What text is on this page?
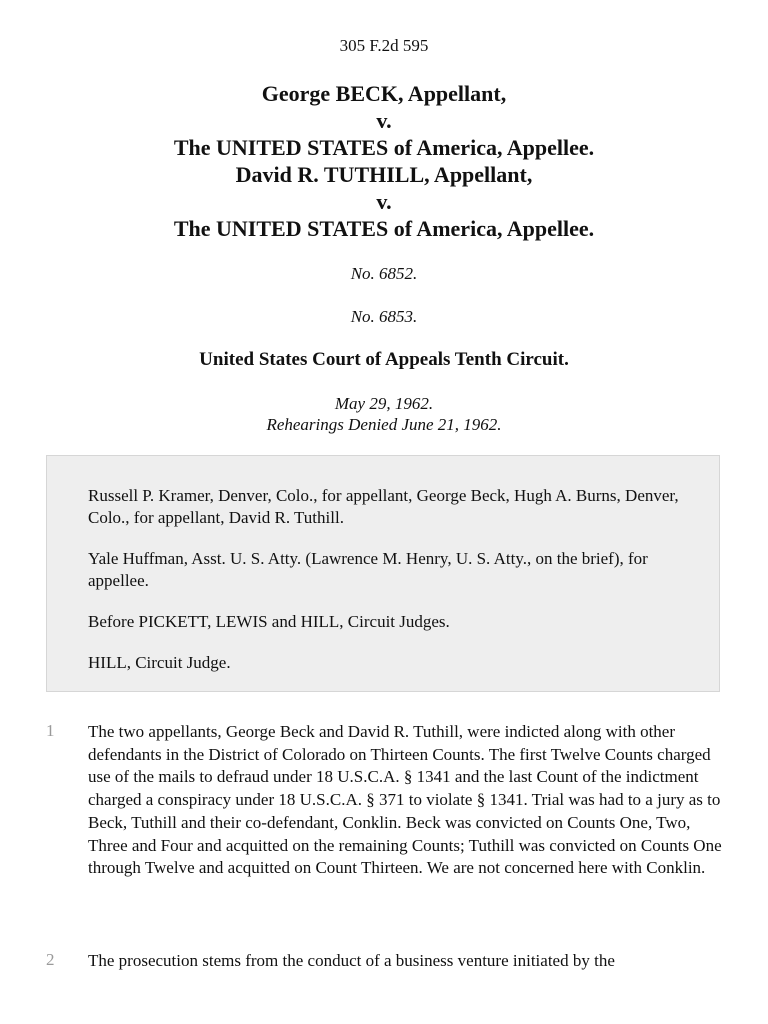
305 F.2d 595
George BECK, Appellant,
v.
The UNITED STATES of America, Appellee.
David R. TUTHILL, Appellant,
v.
The UNITED STATES of America, Appellee.
No. 6852.
No. 6853.
United States Court of Appeals Tenth Circuit.
May 29, 1962.
Rehearings Denied June 21, 1962.

Russell P. Kramer, Denver, Colo., for appellant, George Beck, Hugh A. Burns, Denver, Colo., for appellant, David R. Tuthill.

Yale Huffman, Asst. U. S. Atty. (Lawrence M. Henry, U. S. Atty., on the brief), for appellee.

Before PICKETT, LEWIS and HILL, Circuit Judges.

HILL, Circuit Judge.

1 The two appellants, George Beck and David R. Tuthill, were indicted along with other defendants in the District of Colorado on Thirteen Counts. The first Twelve Counts charged use of the mails to defraud under 18 U.S.C.A. § 1341 and the last Count of the indictment charged a conspiracy under 18 U.S.C.A. § 371 to violate § 1341. Trial was had to a jury as to Beck, Tuthill and their co-defendant, Conklin. Beck was convicted on Counts One, Two, Three and Four and acquitted on the remaining Counts; Tuthill was convicted on Counts One through Twelve and acquitted on Count Thirteen. We are not concerned here with Conklin.

2 The prosecution stems from the conduct of a business venture initiated by the
